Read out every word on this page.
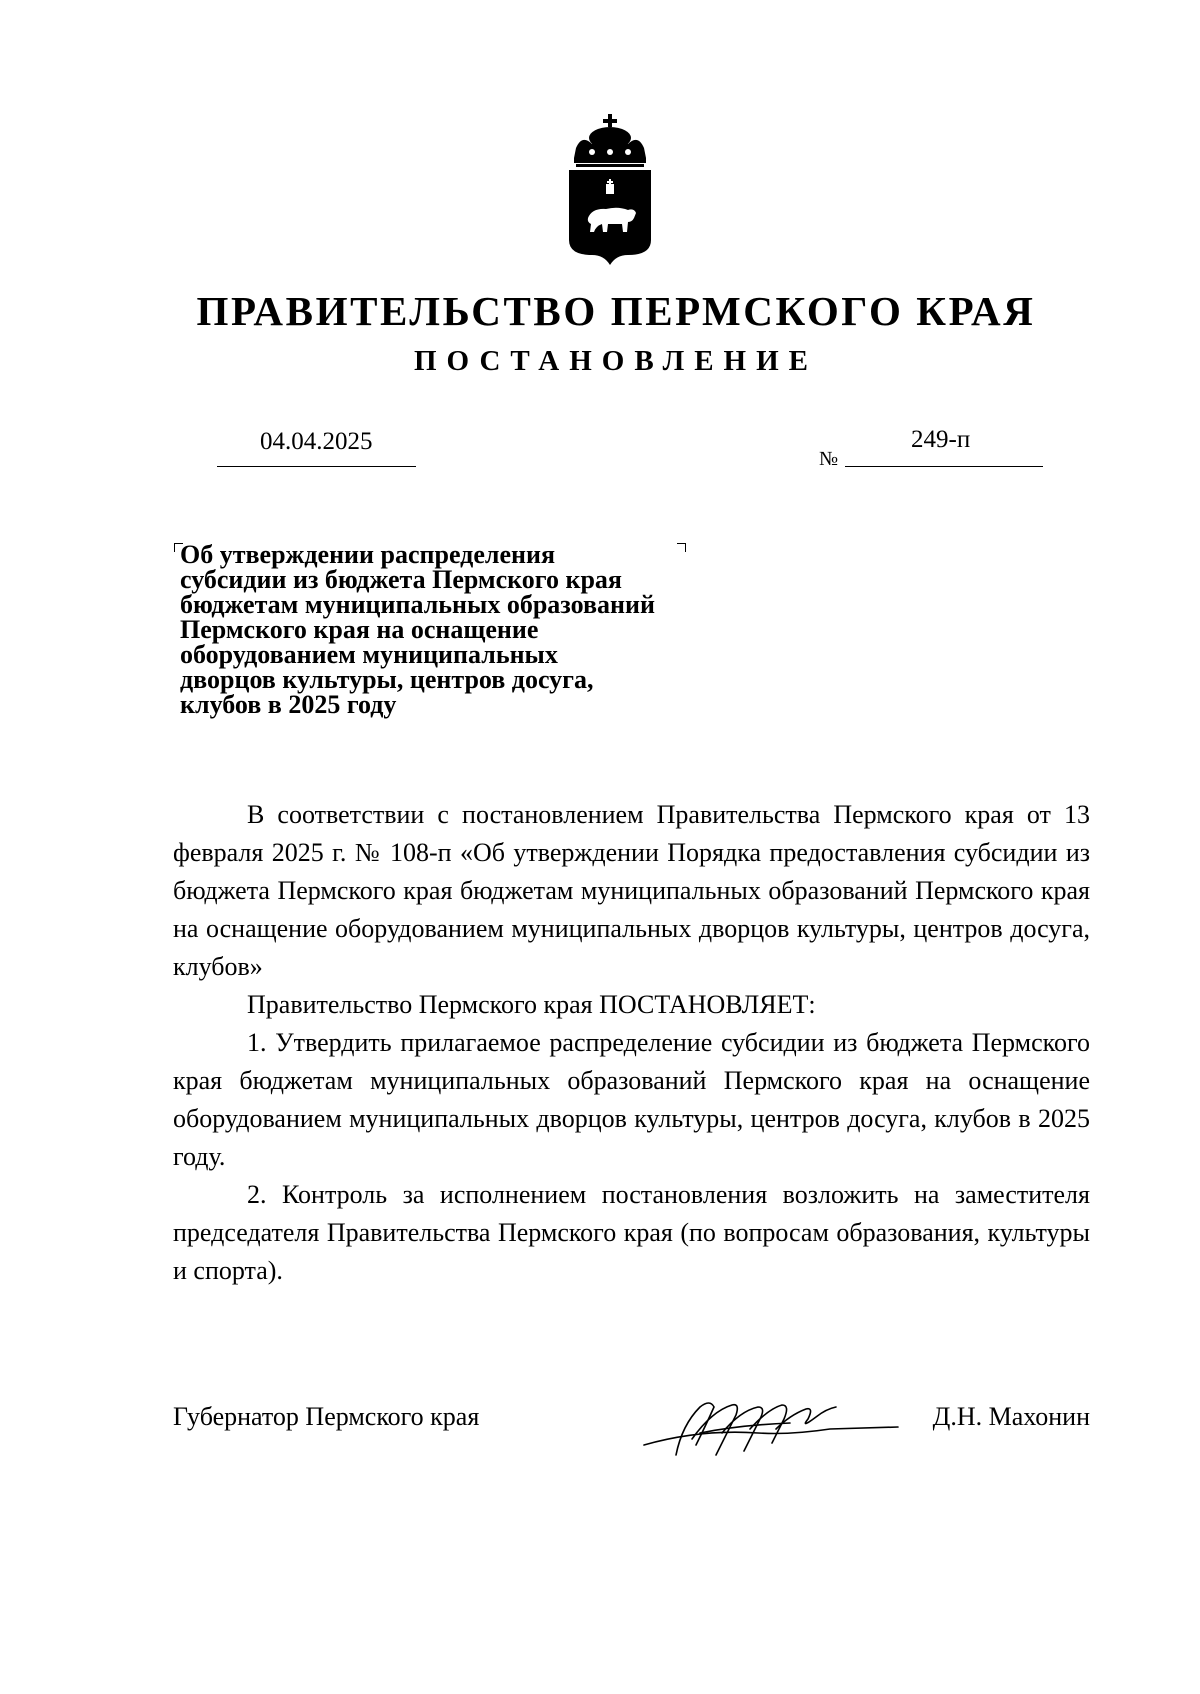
ПРАВИТЕЛЬСТВО ПЕРМСКОГО КРАЯ
ПОСТАНОВЛЕНИЕ
04.04.2025
№
249-п
Об утверждении распределения
субсидии из бюджета Пермского края
бюджетам муниципальных образований
Пермского края на оснащение
оборудованием муниципальных
дворцов культуры, центров досуга,
клубов в 2025 году

В соответствии с постановлением Правительства Пермского края от 13 февраля 2025 г. № 108-п «Об утверждении Порядка предоставления субсидии из бюджета Пермского края бюджетам муниципальных образований Пермского края на оснащение оборудованием муниципальных дворцов культуры, центров досуга, клубов»

Правительство Пермского края ПОСТАНОВЛЯЕТ:

1. Утвердить прилагаемое распределение субсидии из бюджета Пермского края бюджетам муниципальных образований Пермского края на оснащение оборудованием муниципальных дворцов культуры, центров досуга, клубов в 2025 году.

2. Контроль за исполнением постановления возложить на заместителя председателя Правительства Пермского края (по вопросам образования, культуры и спорта).

Губернатор Пермского края	Д.Н. Махонин
